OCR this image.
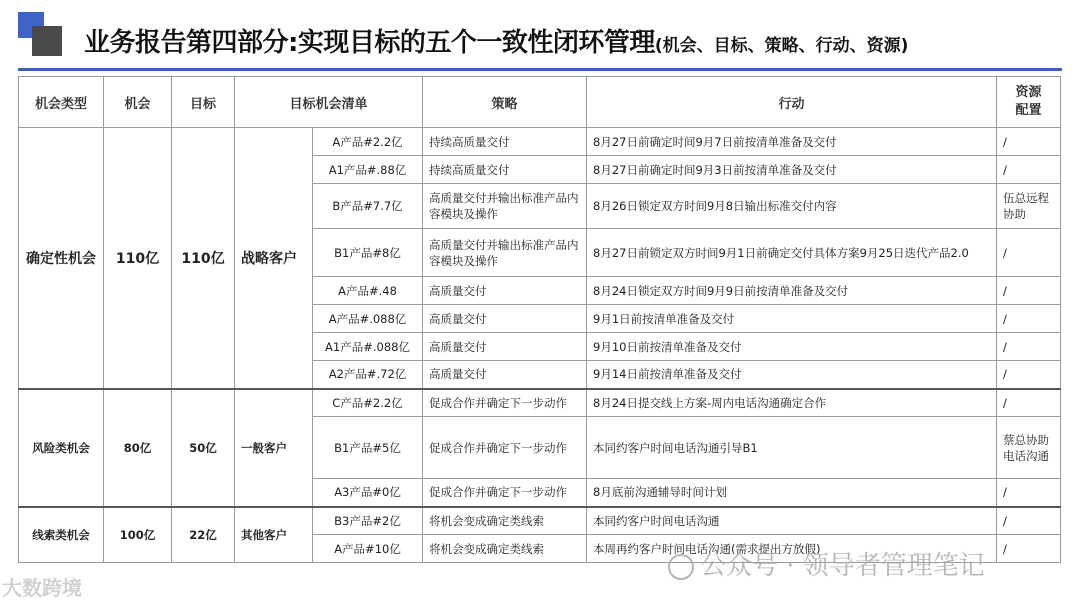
业务报告第四部分:实现目标的五个一致性闭环管理 (机会、目标、策略、行动、资源)
机会类型	机会	目标	目标机会清单		策略	行动	资源配置
确定性机会	110亿	110亿	战略客户	A产品#2.2亿	持续高质量交付	8月27日前确定时间9月7日前按清单准备及交付	/
				A1产品#.88亿	持续高质量交付	8月27日前确定时间9月3日前按清单准备及交付	/
				B产品#7.7亿	高质量交付并输出标准产品内容模块及操作	8月26日锁定双方时间9月8日输出标准交付内容	伍总远程协助
				B1产品#8亿	高质量交付并输出标准产品内容模块及操作	8月27日前锁定双方时间9月1日前确定交付具体方案9月25日迭代产品2.0	/
				A产品#.48	高质量交付	8月24日锁定双方时间9月9日前按清单准备及交付	/
				A产品#.088亿	高质量交付	9月1日前按清单准备及交付	/
				A1产品#.088亿	高质量交付	9月10日前按清单准备及交付	/
				A2产品#.72亿	高质量交付	9月14日前按清单准备及交付	/
风险类机会	80亿	50亿	一般客户	C产品#2.2亿	促成合作并确定下一步动作	8月24日提交线上方案-周内电话沟通确定合作	/
				B1产品#5亿	促成合作并确定下一步动作	本同约客户时间电话沟通引导B1	蔡总协助电话沟通
				A3产品#0亿	促成合作并确定下一步动作	8月底前沟通辅导时间计划	/
线索类机会	100亿	22亿	其他客户	B3产品#2亿	将机会变成确定类线索	本同约客户时间电话沟通	/
				A产品#10亿	将机会变成确定类线索	本周再约客户时间电话沟通(需求提出方放假)	/
大数跨境
公众号 · 领导者管理笔记
